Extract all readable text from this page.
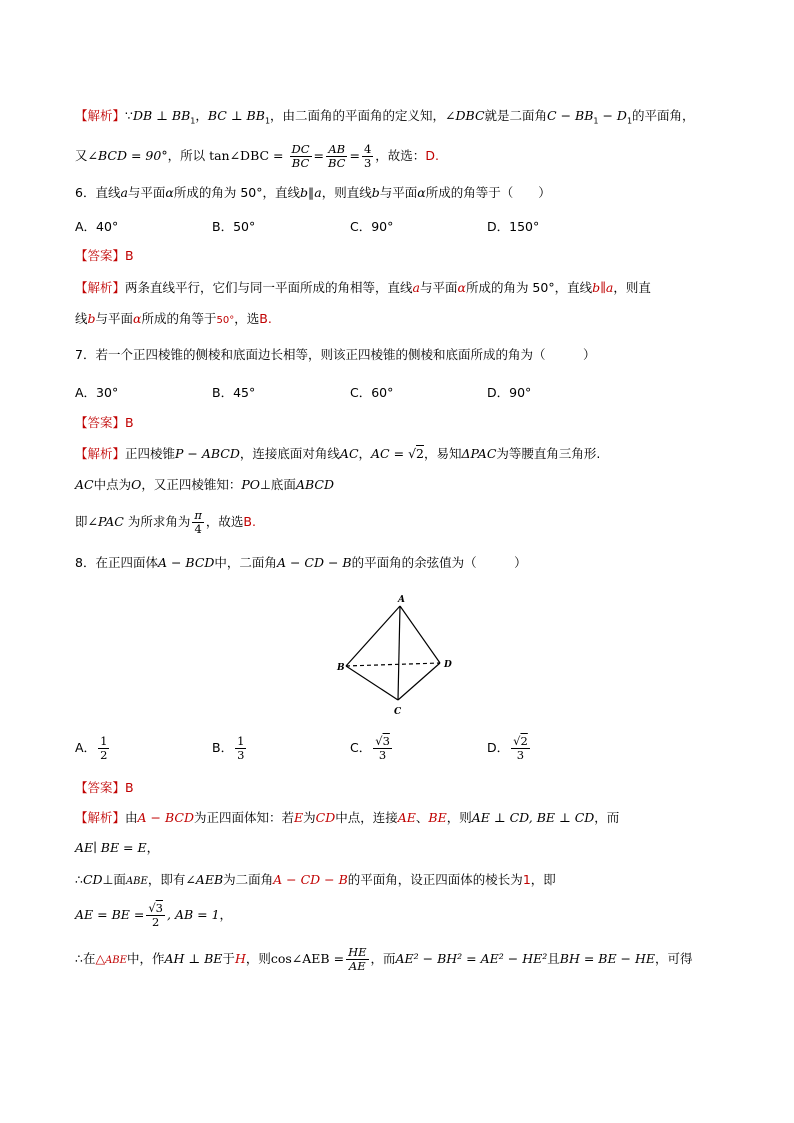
【解析】∵DB ⊥ $BB_1$，BC ⊥ $BB_1$，由二面角的平面角的定义知，∠DBC就是二面角$C - BB_1 - D_1$的平面角，
又∠BCD = 90°，所以 tan∠DBC = $\frac{DC}{BC} = \frac{AB}{BC} = \frac{4}{3}$ ，故选：D.
6．直线a与平面α所成的角为 50°，直线b∥a，则直线b与平面α所成的角等于（　　）
A．40°	B．50°	C．90°	D．150°
【答案】B
【解析】两条直线平行，它们与同一平面所成的角相等，直线a与平面α所成的角为 50°，直线b∥a，则直
线b与平面α所成的角等于50°，选B.
7．若一个正四棱锥的侧棱和底面边长相等，则该正四棱锥的侧棱和底面所成的角为（　　　）
A．30°	B．45°	C．60°	D．90°
【答案】B
【解析】正四棱锥P − ABCD，连接底面对角线AC，AC = √2，易知ΔPAC为等腰直角三角形.
AC中点为O，又正四棱锥知：PO⊥底面ABCD
即∠PAC 为所求角为 $\frac{\pi}{4}$ ，故选B.
8．在正四面体A − BCD中，二面角A − CD − B的平面角的余弦值为（　　　）
A
B
C
D
A． $\frac{1}{2}$	B． $\frac{1}{3}$	C． $\frac{√3}{3}$	D． $\frac{√2}{3}$
【答案】B
【解析】由A − BCD为正四面体知：若E为CD中点，连接AE、BE，则AE ⊥ CD, BE ⊥ CD，而
AE∣ BE = E，
∴CD⊥面ABE，即有∠AEB为二面角A − CD − B的平面角，设正四面体的棱长为1，即
AE = BE = $\frac{√3}{2}$ , AB = 1，
∴在△ABE中，作AH ⊥ BE于H，则cos∠AEB = $\frac{HE}{AE}$ ，而AE² − BH² = AE² − HE²且BH = BE − HE，可得
